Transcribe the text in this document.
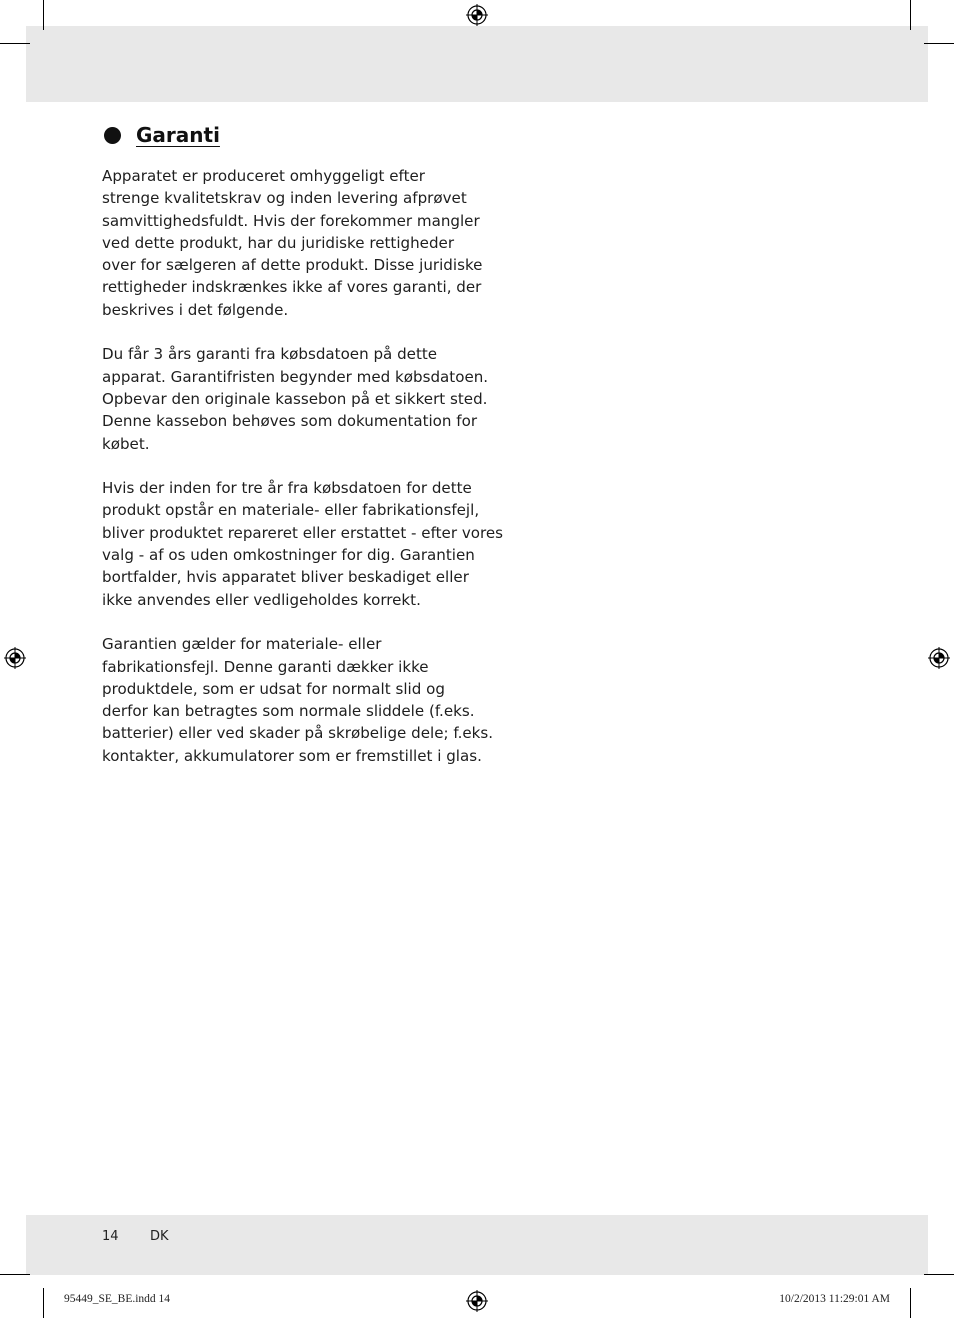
Garanti

Apparatet er produceret omhyggeligt efter
strenge kvalitetskrav og inden levering afprøvet
samvittighedsfuldt. Hvis der forekommer mangler
ved dette produkt, har du juridiske rettigheder
over for sælgeren af dette produkt. Disse juridiske
rettigheder indskrænkes ikke af vores garanti, der
beskrives i det følgende.

Du får 3 års garanti fra købsdatoen på dette
apparat. Garantifristen begynder med købsdatoen.
Opbevar den originale kassebon på et sikkert sted.
Denne kassebon behøves som dokumentation for
købet.

Hvis der inden for tre år fra købsdatoen for dette
produkt opstår en materiale- eller fabrikationsfejl,
bliver produktet repareret eller erstattet - efter vores
valg - af os uden omkostninger for dig. Garantien
bortfalder, hvis apparatet bliver beskadiget eller
ikke anvendes eller vedligeholdes korrekt.

Garantien gælder for materiale- eller
fabrikationsfejl. Denne garanti dækker ikke
produktdele, som er udsat for normalt slid og
derfor kan betragtes som normale sliddele (f.eks.
batterier) eller ved skader på skrøbelige dele; f.eks.
kontakter, akkumulatorer som er fremstillet i glas.

14	DK
95449_SE_BE.indd 14	10/2/2013 11:29:01 AM
